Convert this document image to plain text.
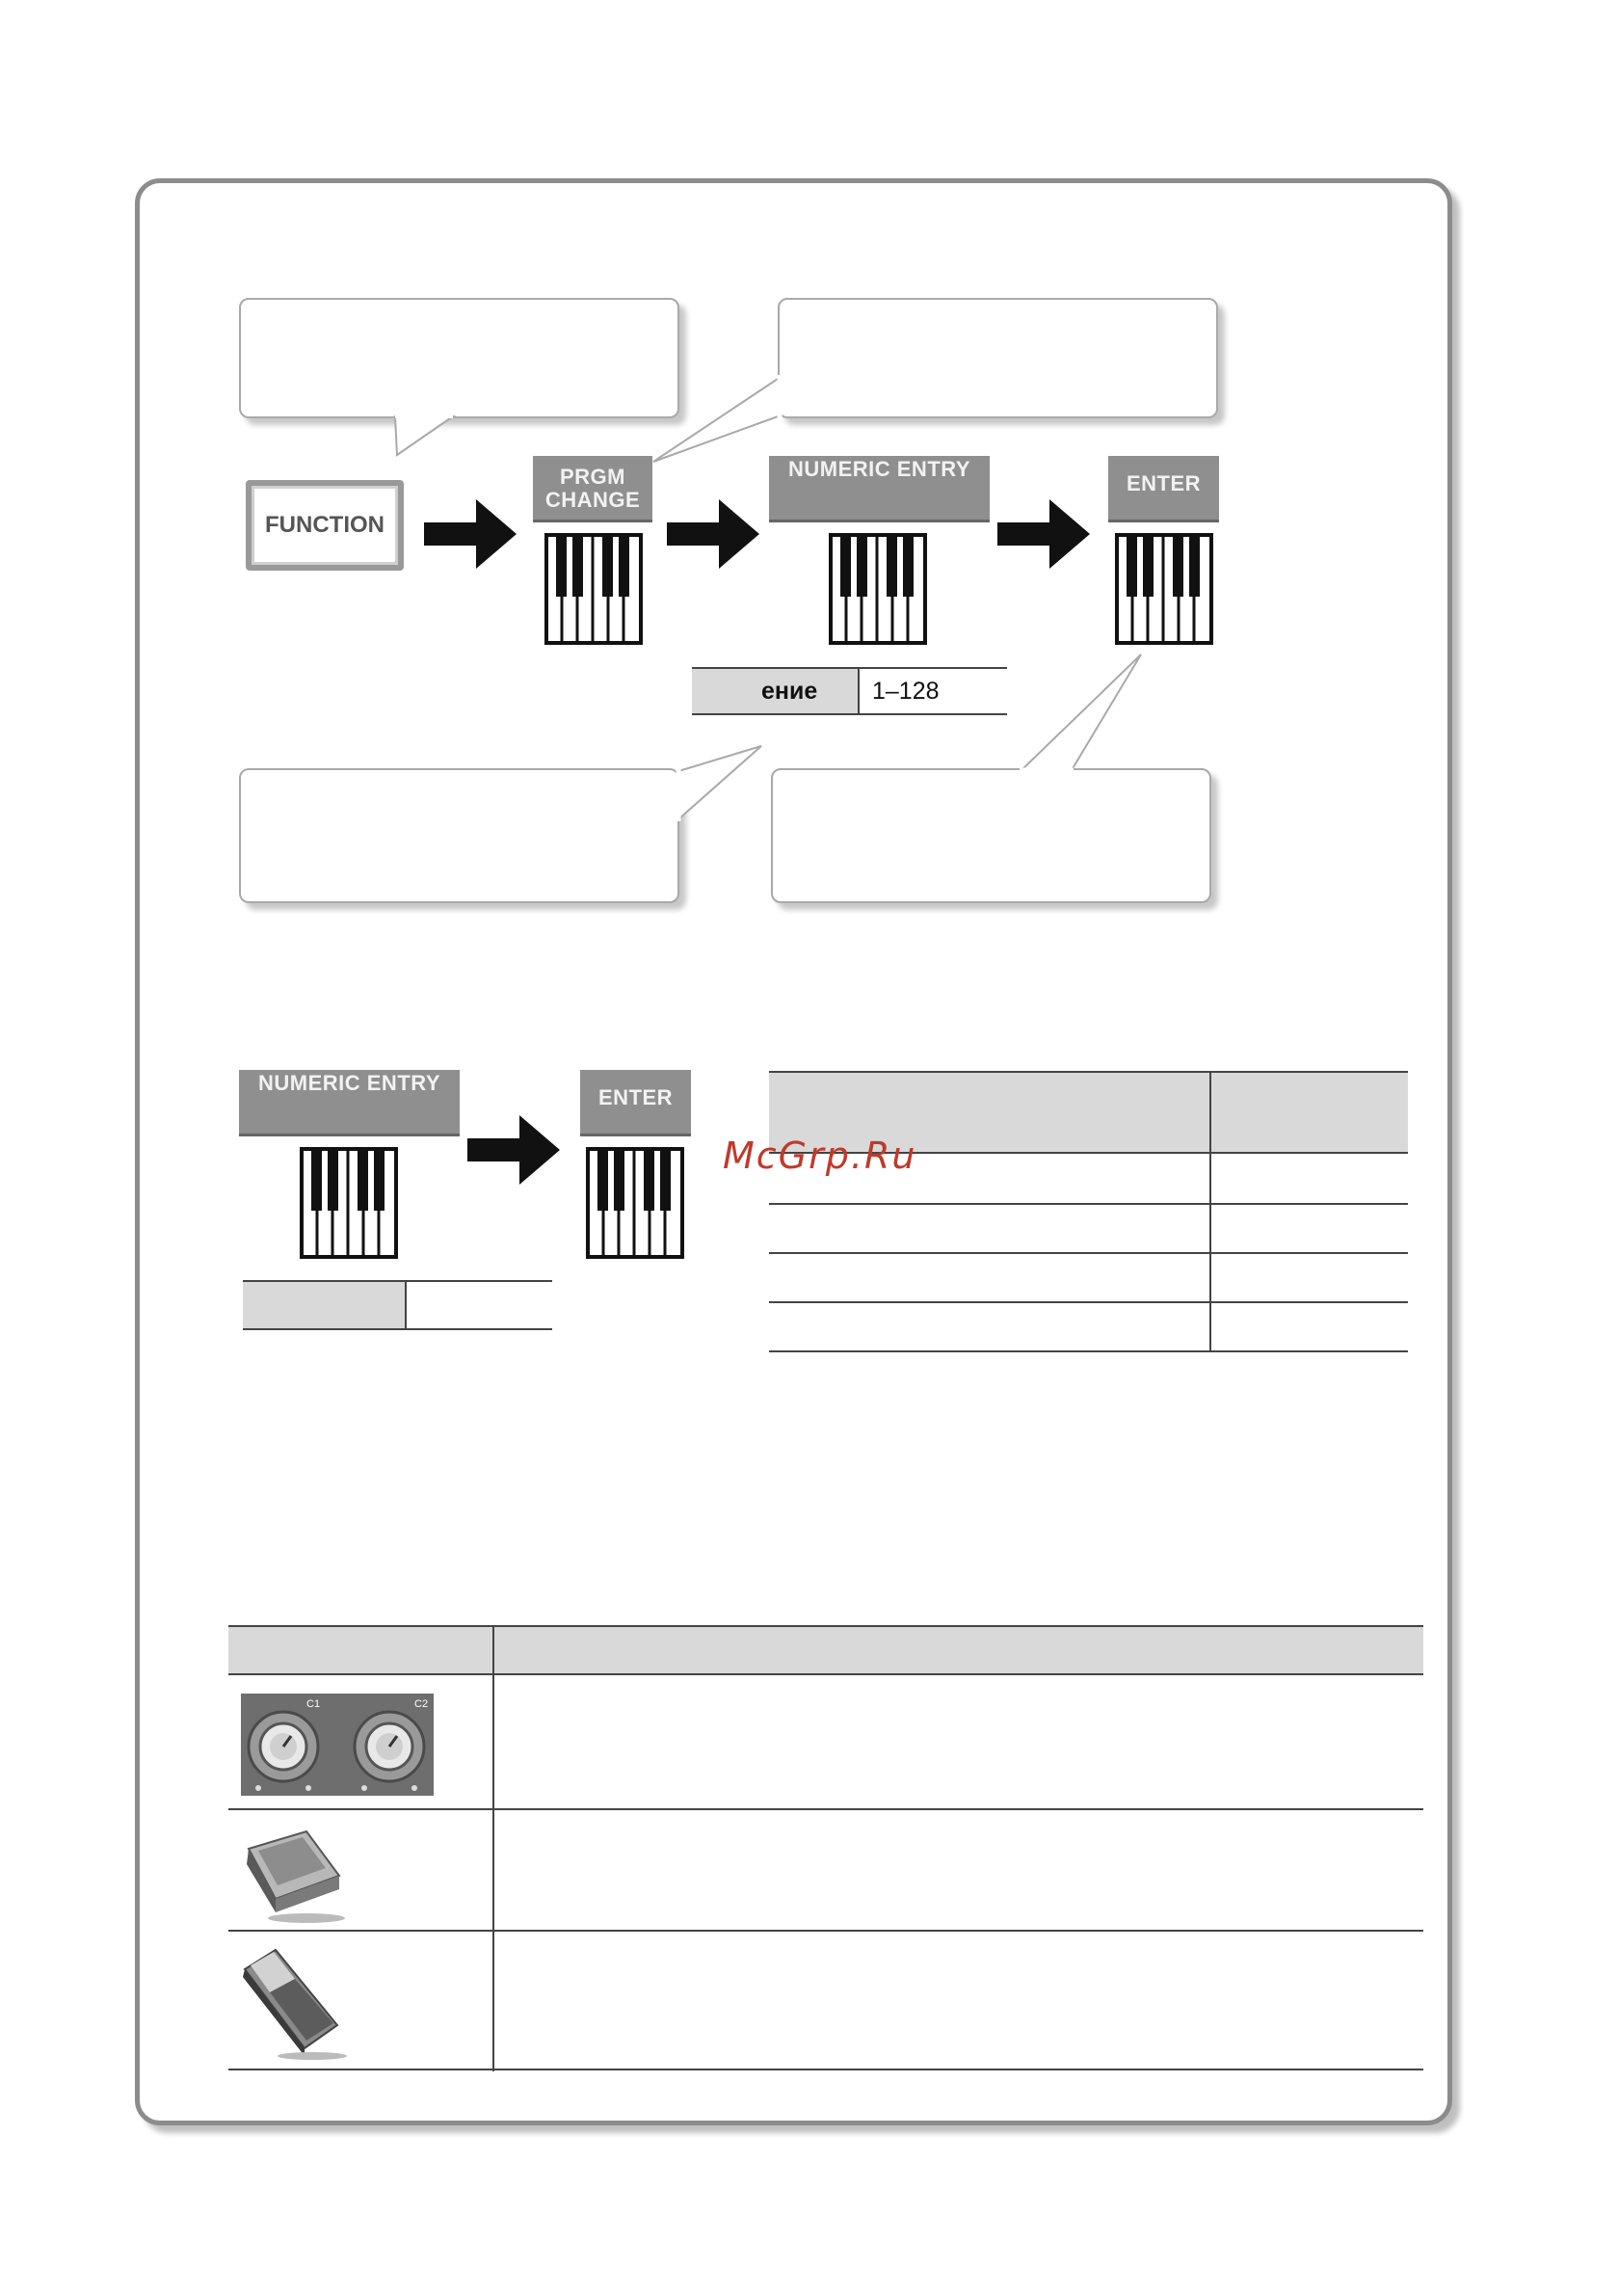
FUNCTION
PRGM
CHANGE
NUMERIC ENTRY
ENTER
ение 1–128
NUMERIC ENTRY
ENTER
McGrp.Ru
C1	C2
